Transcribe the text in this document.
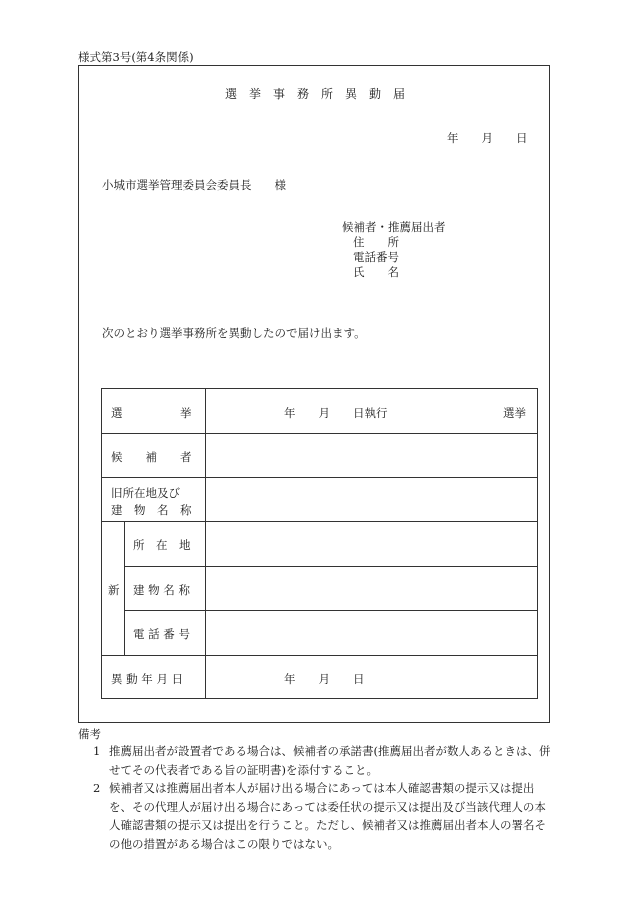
様式第3号(第4条関係)
選　挙　事　務　所　異　動　届
年　　月　　日
小城市選挙管理委員会委員長　　様
候補者・推薦届出者
住　　所
電話番号
氏　　名
次のとおり選挙事務所を異動したので届け出ます。
選　　　　　挙	年　　月　　日執行	選挙
候　　補　　者
旧所在地及び
建　物　名　称
新
所　在　地
建 物 名 称
電 話 番 号
異 動 年 月 日	年　　月　　日
備考
1 推薦届出者が設置者である場合は、候補者の承諾書(推薦届出者が数人あるときは、併せてその代表者である旨の証明書)を添付すること。
2 候補者又は推薦届出者本人が届け出る場合にあっては本人確認書類の提示又は提出を、その代理人が届け出る場合にあっては委任状の提示又は提出及び当該代理人の本人確認書類の提示又は提出を行うこと。ただし、候補者又は推薦届出者本人の署名その他の措置がある場合はこの限りではない。
